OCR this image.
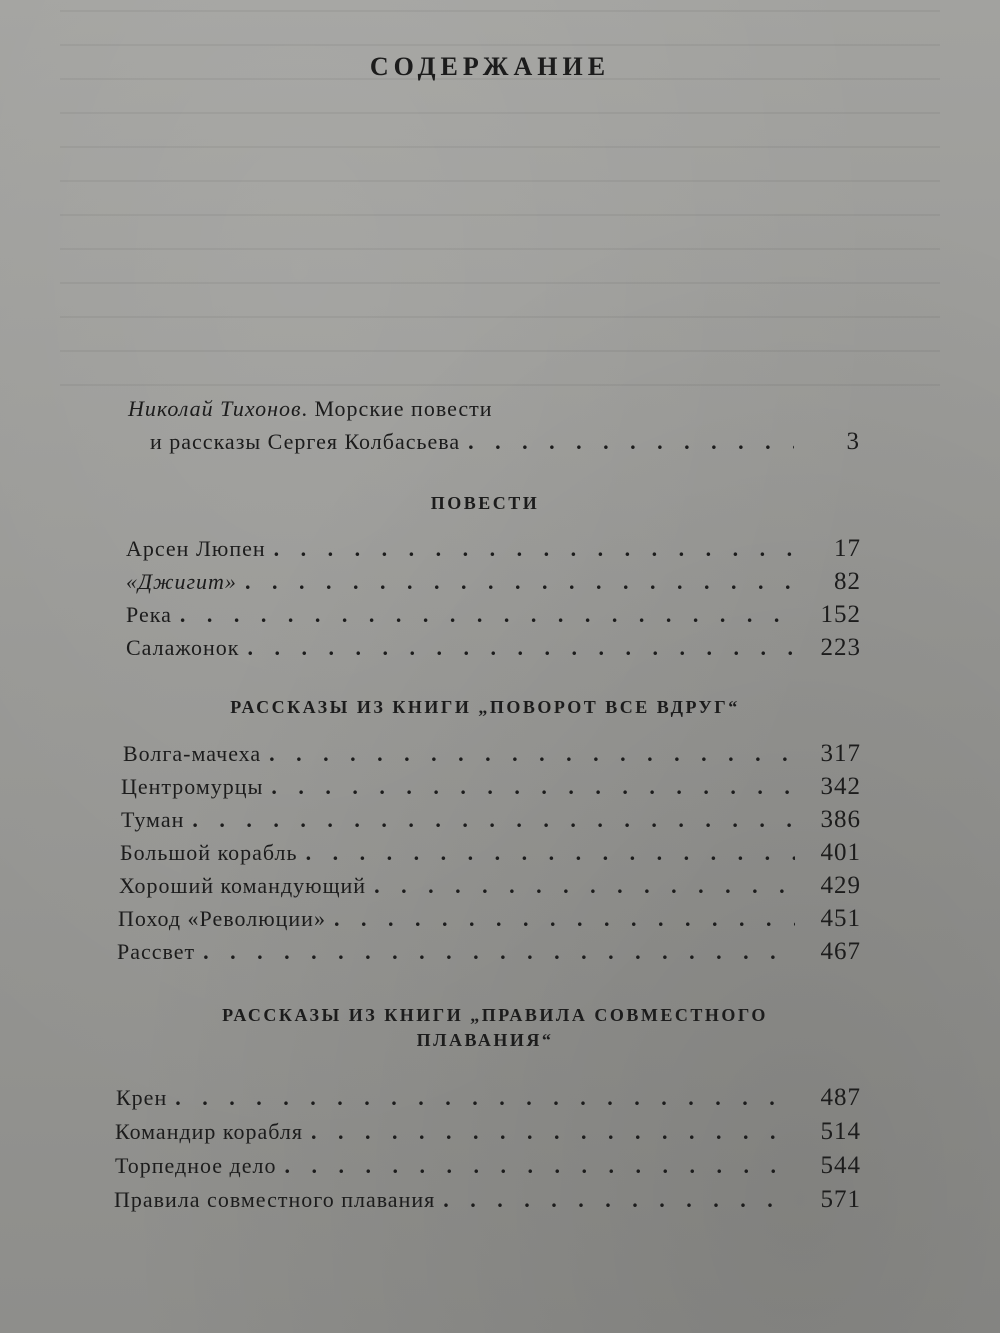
СОДЕРЖАНИЕ
Николай Тихонов. Морские повести
и рассказы Сергея Колбасьева . . .	3
ПОВЕСТИ
Арсен Люпен . . .	17
«Джигит» . . .	82
Река . . .	152
Салажонок . . .	223
РАССКАЗЫ ИЗ КНИГИ „ПОВОРОТ ВСЕ ВДРУГ“
Волга-мачеха . . .	317
Центромурцы . . .	342
Туман . . .	386
Большой корабль . . .	401
Хороший командующий . . .	429
Поход «Революции» . . .	451
Рассвет . . .	467
РАССКАЗЫ ИЗ КНИГИ „ПРАВИЛА СОВМЕСТНОГО
ПЛАВАНИЯ“
Крен . . .	487
Командир корабля . . .	514
Торпедное дело . . .	544
Правила совместного плавания . . .	571
